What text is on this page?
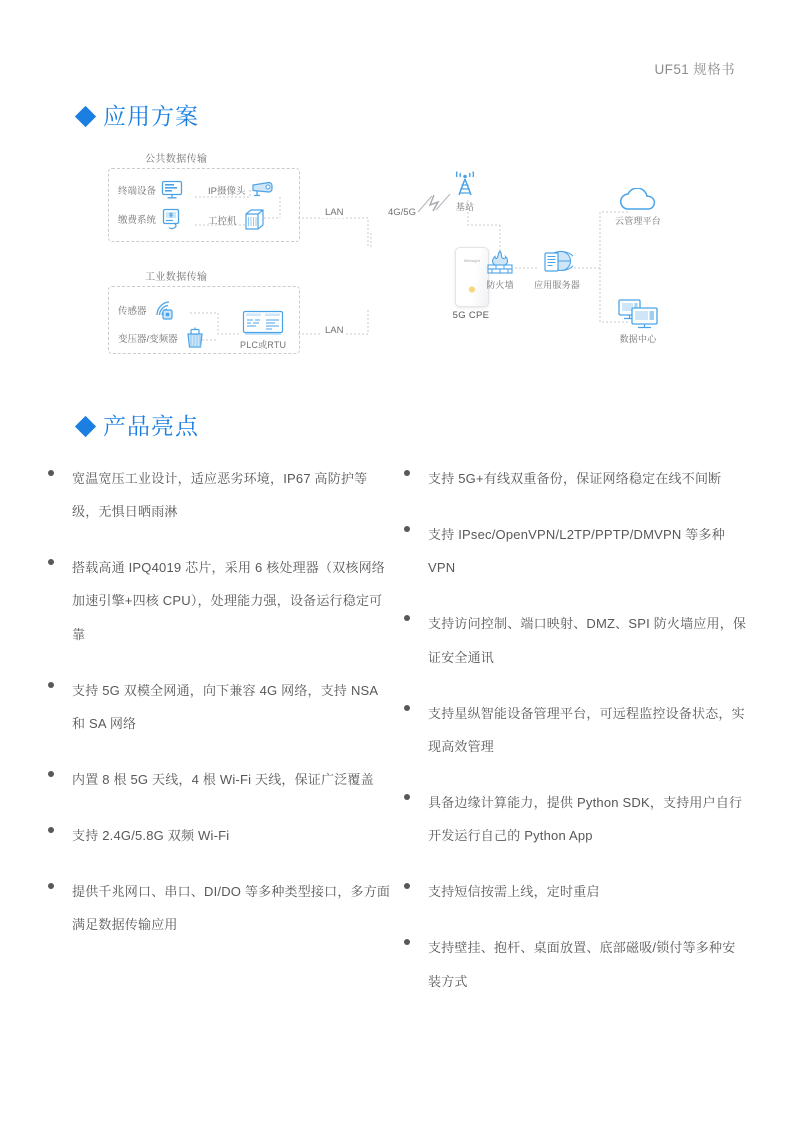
UF51 规格书
应用方案
公共数据传输
终端设备
缴费系统
IP摄像头
工控机
工业数据传输
传感器
变压器/变频器	PLC或RTU
LAN
LAN
4G/5G
Milesight
5G CPE
基站
防火墙 应用服务器
云管理平台
数据中心
产品亮点
宽温宽压工业设计，适应恶劣环境，IP67 高防护等级，无惧日晒雨淋
搭载高通 IPQ4019 芯片，采用 6 核处理器（双核网络加速引擎+四核 CPU），处理能力强，设备运行稳定可靠
支持 5G 双模全网通，向下兼容 4G 网络，支持 NSA 和 SA 网络
内置 8 根 5G 天线，4 根 Wi-Fi 天线，保证广泛覆盖
支持 2.4G/5.8G 双频 Wi-Fi
提供千兆网口、串口、DI/DO 等多种类型接口，多方面满足数据传输应用
支持 5G+有线双重备份，保证网络稳定在线不间断
支持 IPsec/OpenVPN/L2TP/PPTP/DMVPN 等多种 VPN
支持访问控制、端口映射、DMZ、SPI 防火墙应用，保证安全通讯
支持星纵智能设备管理平台，可远程监控设备状态，实现高效管理
具备边缘计算能力，提供 Python SDK，支持用户自行开发运行自己的 Python App
支持短信按需上线，定时重启
支持壁挂、抱杆、桌面放置、底部磁吸/锁付等多种安装方式
